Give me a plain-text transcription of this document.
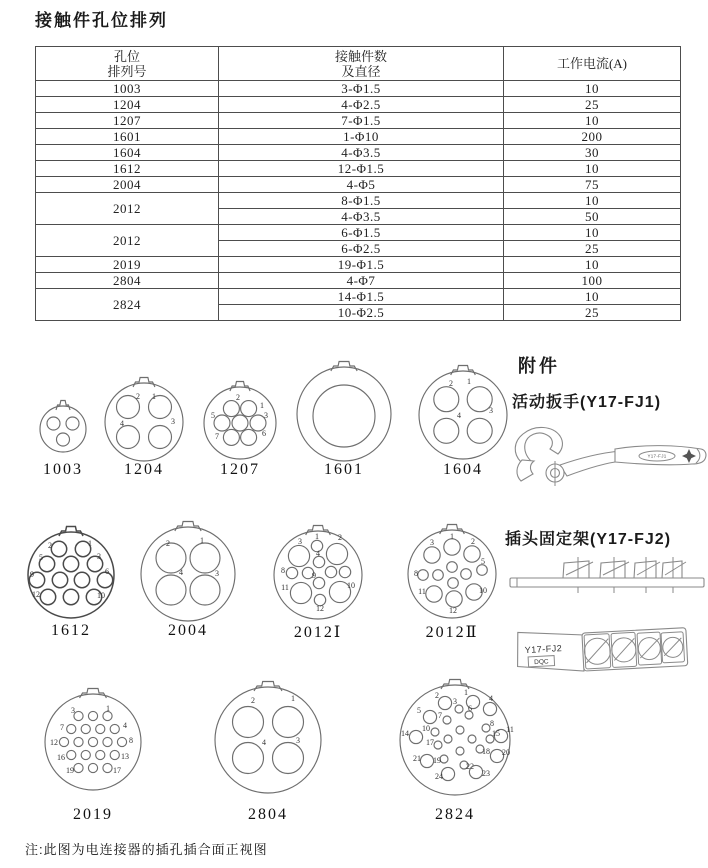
接触件孔位排列
孔位
排列号

接触件数
及直径	工作电流(A)
1003	3-Φ1.5	10
1204	4-Φ2.5	25
1207	7-Φ1.5	10
1601	1-Φ10	200
1604	4-Φ3.5	30
1612	12-Φ1.5	10
2004	4-Φ5	75
2012	8-Φ1.5	10
	4-Φ3.5	50
2012	6-Φ1.5	10
	6-Φ2.5	25
2019	19-Φ1.5	10
2804	4-Φ7	100
2824	14-Φ1.5	10
	10-Φ2.5	25
1003
2 1
4	3
1204
2
1
5	3
7	6
1207	1601
2 1
3
4
1604
2	1
5	3
9	6
12	10
1612
2	1
4	3
2004
1 2
3
4
8
9
11	10
12
2012Ⅰ
1
3	2
5
8
11	10
12
2012Ⅱ
3	1
7	4
12	8
16	13
19	17
2019
2	1
4	3
2804
2	1
4
3
6
5
7
8
10
14	11
15
17
18
21 19
20
22
24	23
2824
附件
活动扳手(Y17-FJ1)
Y17-FJ1
插头固定架(Y17-FJ2)
Y17-FJ2
DQC
注:此图为电连接器的插孔插合面正视图
